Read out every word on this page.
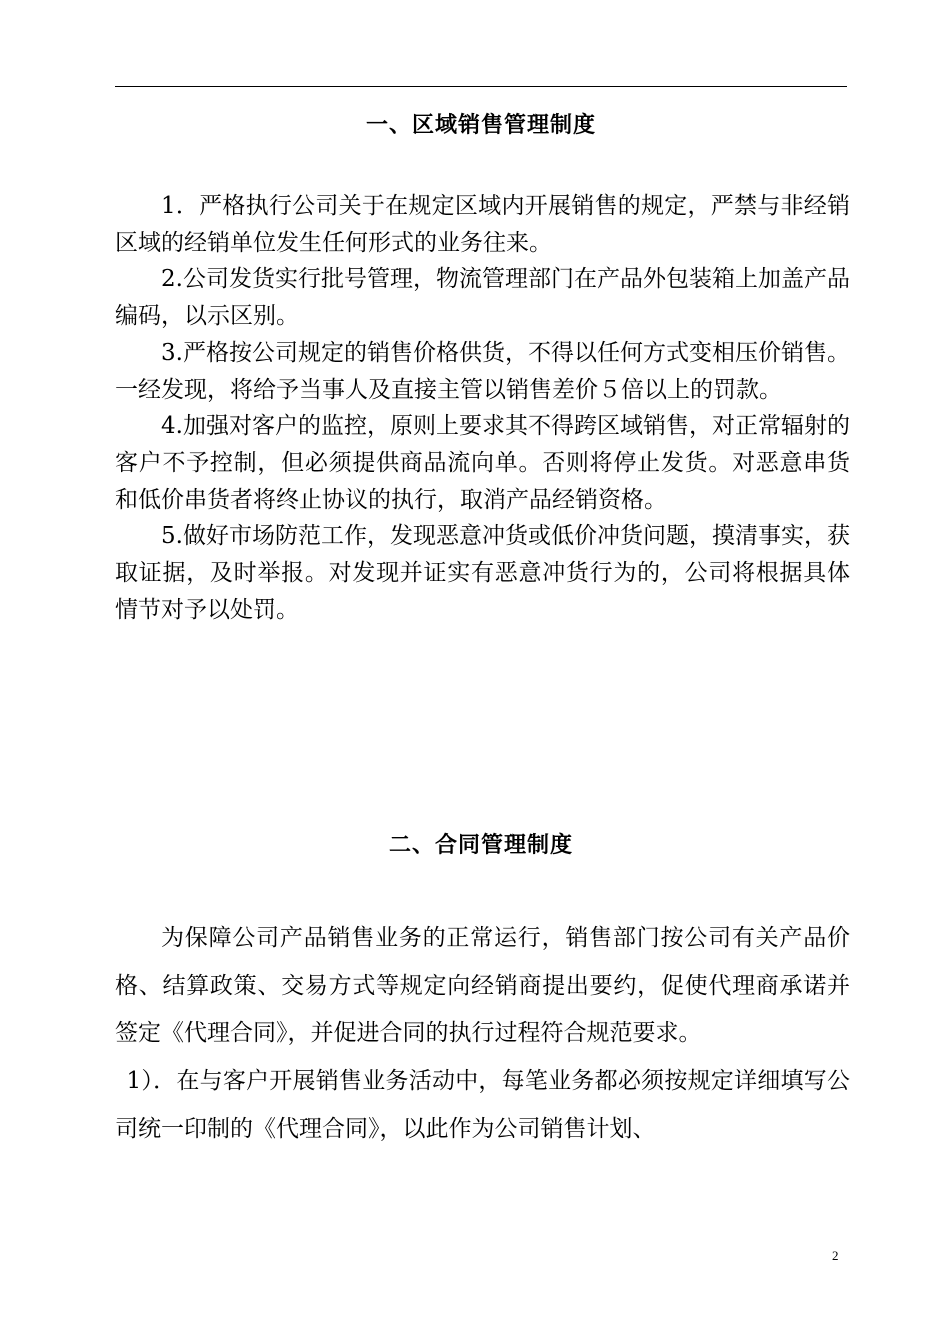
一、区域销售管理制度

1．严格执行公司关于在规定区域内开展销售的规定，严禁与非经销区域的经销单位发生任何形式的业务往来。

2.公司发货实行批号管理，物流管理部门在产品外包装箱上加盖产品编码，以示区别。

3.严格按公司规定的销售价格供货，不得以任何方式变相压价销售。一经发现，将给予当事人及直接主管以销售差价５倍以上的罚款。

4.加强对客户的监控，原则上要求其不得跨区域销售，对正常辐射的客户不予控制，但必须提供商品流向单。否则将停止发货。对恶意串货和低价串货者将终止协议的执行，取消产品经销资格。

5.做好市场防范工作，发现恶意冲货或低价冲货问题，摸清事实，获取证据，及时举报。对发现并证实有恶意冲货行为的，公司将根据具体情节对予以处罚。

二、合同管理制度

为保障公司产品销售业务的正常运行，销售部门按公司有关产品价格、结算政策、交易方式等规定向经销商提出要约，促使代理商承诺并签定《代理合同》，并促进合同的执行过程符合规范要求。

1）．在与客户开展销售业务活动中，每笔业务都必须按规定详细填写公司统一印制的《代理合同》，以此作为公司销售计划、

2
